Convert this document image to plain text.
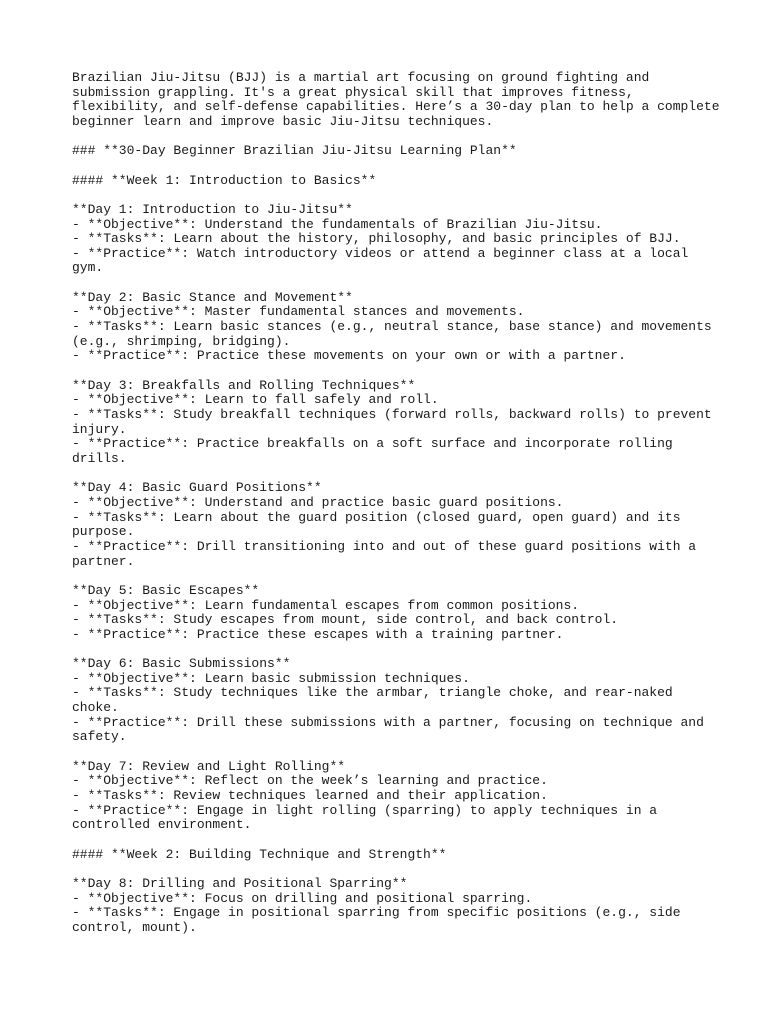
Brazilian Jiu-Jitsu (BJJ) is a martial art focusing on ground fighting and
submission grappling. It's a great physical skill that improves fitness,
flexibility, and self-defense capabilities. Here’s a 30-day plan to help a complete
beginner learn and improve basic Jiu-Jitsu techniques.
### **30-Day Beginner Brazilian Jiu-Jitsu Learning Plan**
#### **Week 1: Introduction to Basics**
**Day 1: Introduction to Jiu-Jitsu**
- **Objective**: Understand the fundamentals of Brazilian Jiu-Jitsu.
- **Tasks**: Learn about the history, philosophy, and basic principles of BJJ.
- **Practice**: Watch introductory videos or attend a beginner class at a local
gym.
**Day 2: Basic Stance and Movement**
- **Objective**: Master fundamental stances and movements.
- **Tasks**: Learn basic stances (e.g., neutral stance, base stance) and movements
(e.g., shrimping, bridging).
- **Practice**: Practice these movements on your own or with a partner.
**Day 3: Breakfalls and Rolling Techniques**
- **Objective**: Learn to fall safely and roll.
- **Tasks**: Study breakfall techniques (forward rolls, backward rolls) to prevent
injury.
- **Practice**: Practice breakfalls on a soft surface and incorporate rolling
drills.
**Day 4: Basic Guard Positions**
- **Objective**: Understand and practice basic guard positions.
- **Tasks**: Learn about the guard position (closed guard, open guard) and its
purpose.
- **Practice**: Drill transitioning into and out of these guard positions with a
partner.
**Day 5: Basic Escapes**
- **Objective**: Learn fundamental escapes from common positions.
- **Tasks**: Study escapes from mount, side control, and back control.
- **Practice**: Practice these escapes with a training partner.
**Day 6: Basic Submissions**
- **Objective**: Learn basic submission techniques.
- **Tasks**: Study techniques like the armbar, triangle choke, and rear-naked
choke.
- **Practice**: Drill these submissions with a partner, focusing on technique and
safety.
**Day 7: Review and Light Rolling**
- **Objective**: Reflect on the week’s learning and practice.
- **Tasks**: Review techniques learned and their application.
- **Practice**: Engage in light rolling (sparring) to apply techniques in a
controlled environment.
#### **Week 2: Building Technique and Strength**
**Day 8: Drilling and Positional Sparring**
- **Objective**: Focus on drilling and positional sparring.
- **Tasks**: Engage in positional sparring from specific positions (e.g., side
control, mount).
